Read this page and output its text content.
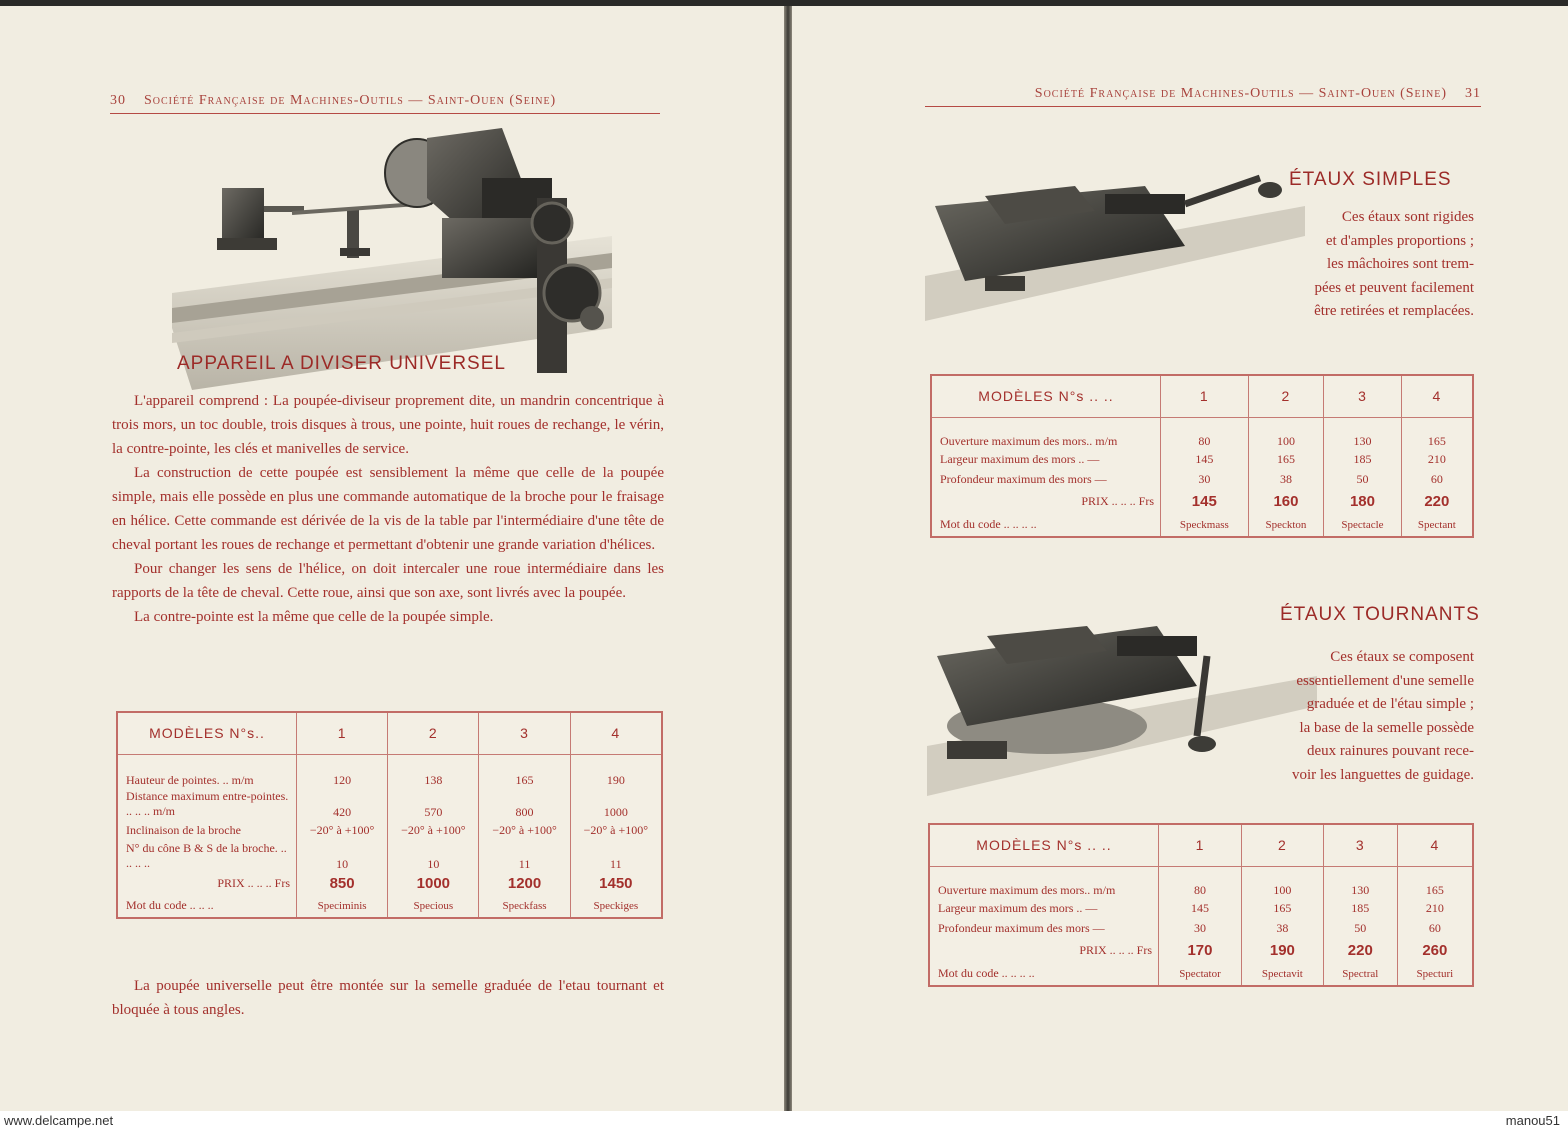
30 Société Française de Machines-Outils — Saint-Ouen (Seine)
APPAREIL A DIVISER UNIVERSEL

L'appareil comprend : La poupée-diviseur proprement dite, un mandrin concentrique à trois mors, un toc double, trois disques à trous, une pointe, huit roues de rechange, le vérin, la contre-pointe, les clés et manivelles de service.

La construction de cette poupée est sensiblement la même que celle de la poupée simple, mais elle possède en plus une commande automatique de la broche pour le fraisage en hélice. Cette commande est dérivée de la vis de la table par l'intermédiaire d'une tête de cheval portant les roues de rechange et permettant d'obtenir une grande variation d'hélices.

Pour changer les sens de l'hélice, on doit intercaler une roue intermédiaire dans les rapports de la tête de cheval. Cette roue, ainsi que son axe, sont livrés avec la poupée.

La contre-pointe est la même que celle de la poupée simple.

MODÈLES N°s..	1	2	3	4
Hauteur de pointes. .. m/m	120	138	165	190
Distance maximum entre-pointes. .. .. .. m/m	420	570	800	1000
Inclinaison de la broche	−20° à +100°	−20° à +100°	−20° à +100°	−20° à +100°
N° du cône B & S de la broche. .. .. .. ..	10	10	11	11
PRIX .. .. .. Frs	850	1000	1200	1450
Mot du code .. .. ..	Speciminis	Specious	Speckfass	Speckiges

La poupée universelle peut être montée sur la semelle graduée de l'etau tournant et bloquée à tous angles.

Société Française de Machines-Outils — Saint-Ouen (Seine) 31
ÉTAUX SIMPLES
Ces étaux sont rigides
et d'amples proportions ;
les mâchoires sont trem-
pées et peuvent facilement
être retirées et remplacées.
MODÈLES N°s .. ..	1	2	3	4
Ouverture maximum des mors.. m/m	80	100	130	165
Largeur maximum des mors .. —	145	165	185	210
Profondeur maximum des mors —	30	38	50	60
PRIX .. .. .. Frs	145	160	180	220
Mot du code .. .. .. ..	Speckmass	Speckton	Spectacle	Spectant
ÉTAUX TOURNANTS
Ces étaux se composent
essentiellement d'une semelle
graduée et de l'étau simple ;
la base de la semelle possède
deux rainures pouvant rece-
voir les languettes de guidage.
MODÈLES N°s .. ..	1	2	3	4
Ouverture maximum des mors.. m/m	80	100	130	165
Largeur maximum des mors .. —	145	165	185	210
Profondeur maximum des mors —	30	38	50	60
PRIX .. .. .. Frs	170	190	220	260
Mot du code .. .. .. ..	Spectator	Spectavit	Spectral	Specturi
www.delcampe.net	manou51
